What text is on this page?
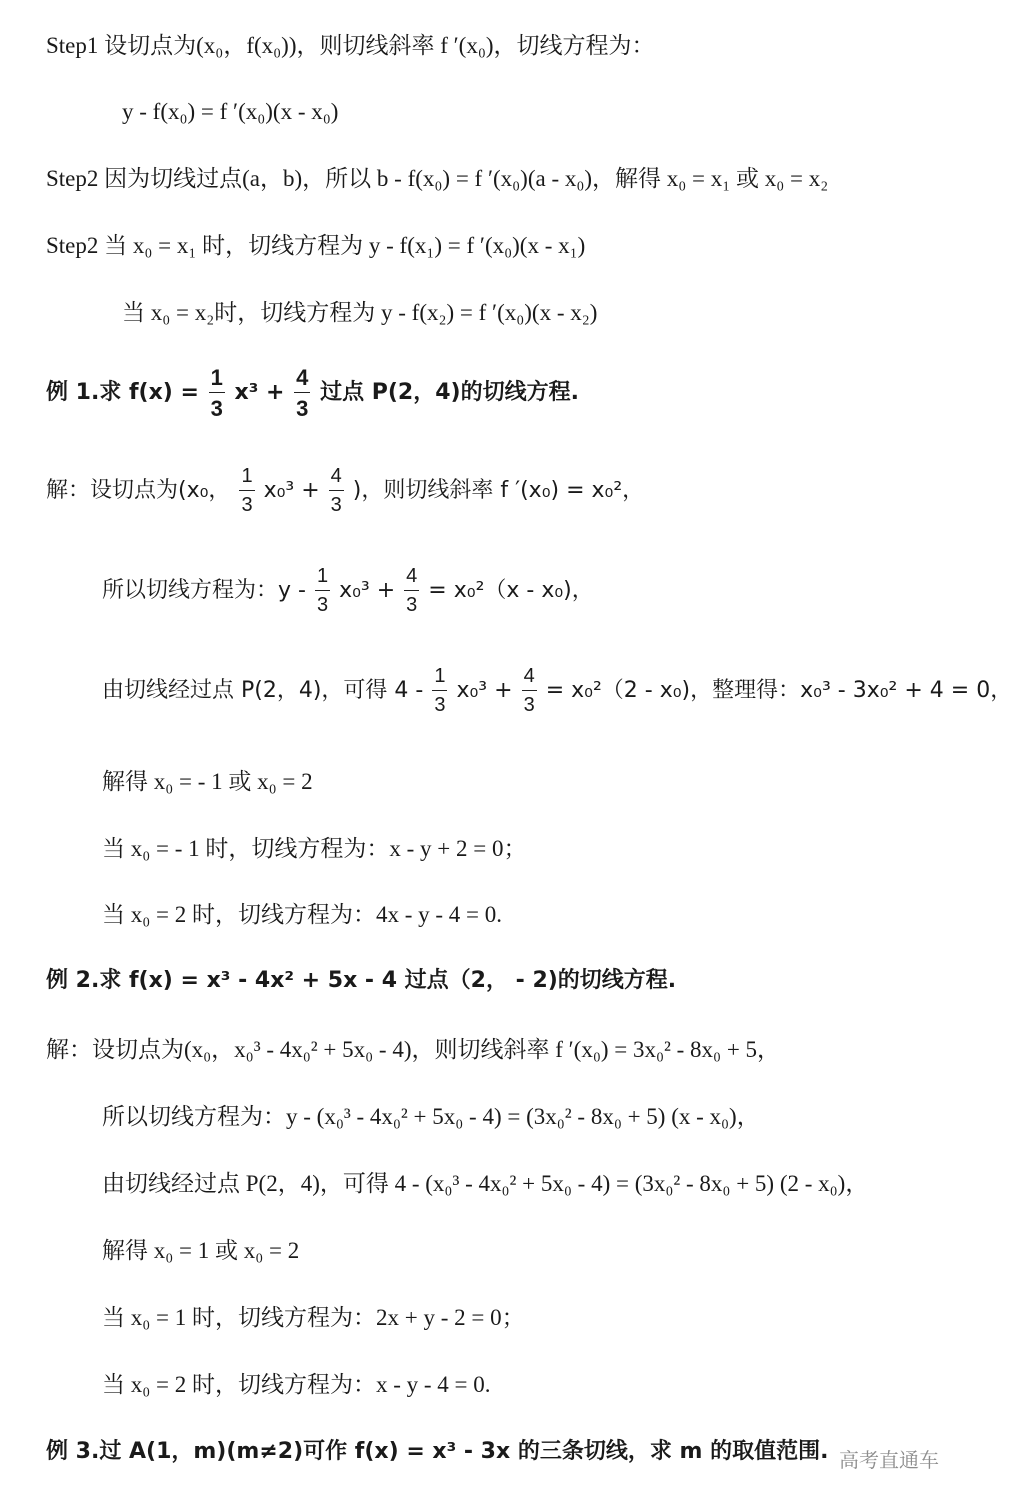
Step1 设切点为(x₀，f(x₀))，则切线斜率 f ′(x₀)，切线方程为：
y - f(x₀) = f ′(x₀)(x - x₀)
Step2 因为切线过点(a，b)，所以 b - f(x₀) = f ′(x₀)(a - x₀)，解得 x₀ = x₁ 或 x₀ = x₂
Step2 当 x₀ = x₁ 时，切线方程为 y - f(x₁) = f ′(x₀)(x - x₁)
当 x₀ = x₂时，切线方程为 y - f(x₂) = f ′(x₀)(x - x₂)
例 1.求 $f(x) = \frac{1}{3} x^3 + \frac{4}{3}$ 过点 P(2，4)的切线方程.
解：设切点为(x₀， $\frac{1}{3} x_0^3 + \frac{4}{3}$ )，则切线斜率 f ′(x₀) = x₀²，
所以切线方程为：$y - \frac{1}{3} x_0^3 + \frac{4}{3} = x_0^2(x - x_0)$，
由切线经过点 P(2，4)，可得 $4 - \frac{1}{3} x_0^3 + \frac{4}{3} = x_0^2(2 - x_0)$，整理得：x₀³ - 3x₀² + 4 = 0，
解得 x₀ = - 1 或 x₀ = 2
当 x₀ = - 1 时，切线方程为：x - y + 2 = 0；
当 x₀ = 2 时，切线方程为：4x - y - 4 = 0.
例 2.求 f(x) = x³ - 4x² + 5x - 4 过点（2， - 2)的切线方程.
解：设切点为(x₀，x₀³ - 4x₀² + 5x₀ - 4)，则切线斜率 f ′(x₀) = 3x₀² - 8x₀ + 5，
所以切线方程为：y - (x₀³ - 4x₀² + 5x₀ - 4) = (3x₀² - 8x₀ + 5) (x - x₀)，
由切线经过点 P(2，4)，可得 4 - (x₀³ - 4x₀² + 5x₀ - 4) = (3x₀² - 8x₀ + 5) (2 - x₀)，
解得 x₀ = 1 或 x₀ = 2
当 x₀ = 1 时，切线方程为：2x + y - 2 = 0；
当 x₀ = 2 时，切线方程为：x - y - 4 = 0.
例 3.过 A(1，m)(m≠2)可作 f(x) = x³ - 3x 的三条切线，求 m 的取值范围. 高考直通车
